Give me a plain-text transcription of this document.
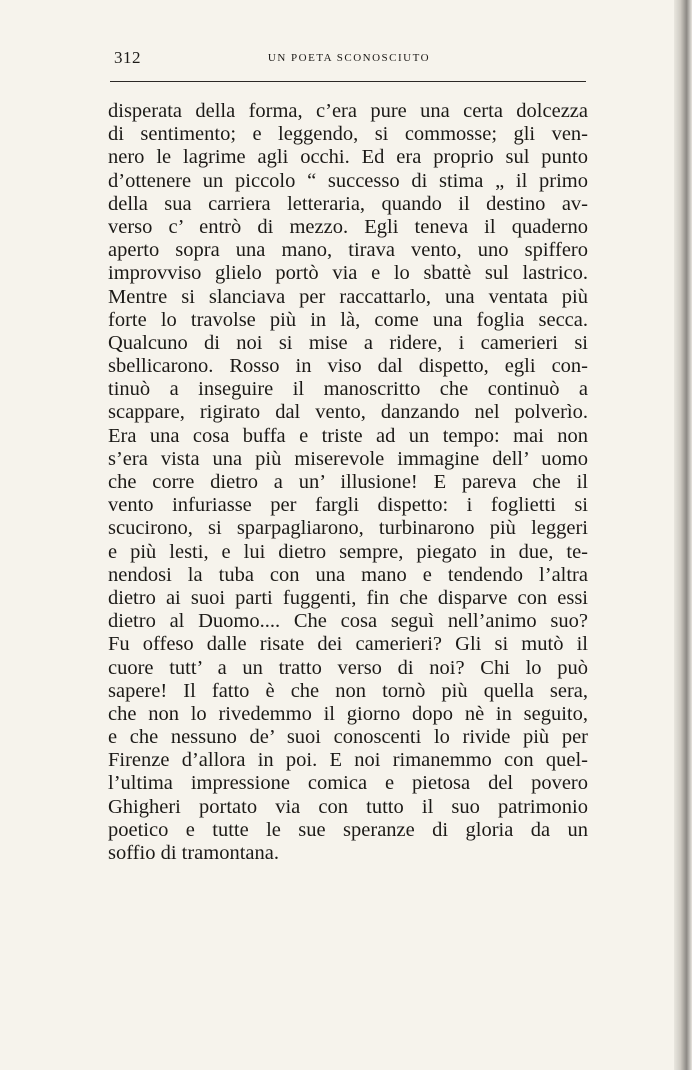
312	UN POETA SCONOSCIUTO
disperata della forma, c’era pure una certa dolcezza
di sentimento; e leggendo, si commosse; gli ven-
nero le lagrime agli occhi. Ed era proprio sul punto
d’ottenere un piccolo “ successo di stima „ il primo
della sua carriera letteraria, quando il destino av-
verso c’ entrò di mezzo. Egli teneva il quaderno
aperto sopra una mano, tirava vento, uno spiffero
improvviso glielo portò via e lo sbattè sul lastrico.
Mentre si slanciava per raccattarlo, una ventata più
forte lo travolse più in là, come una foglia secca.
Qualcuno di noi si mise a ridere, i camerieri si
sbellicarono. Rosso in viso dal dispetto, egli con-
tinuò a inseguire il manoscritto che continuò a
scappare, rigirato dal vento, danzando nel polverìo.
Era una cosa buffa e triste ad un tempo: mai non
s’era vista una più miserevole immagine dell’ uomo
che corre dietro a un’ illusione! E pareva che il
vento infuriasse per fargli dispetto: i foglietti si
scucirono, si sparpagliarono, turbinarono più leggeri
e più lesti, e lui dietro sempre, piegato in due, te-
nendosi la tuba con una mano e tendendo l’altra
dietro ai suoi parti fuggenti, fin che disparve con essi
dietro al Duomo.... Che cosa seguì nell’animo suo?
Fu offeso dalle risate dei camerieri? Gli si mutò il
cuore tutt’ a un tratto verso di noi? Chi lo può
sapere! Il fatto è che non tornò più quella sera,
che non lo rivedemmo il giorno dopo nè in seguito,
e che nessuno de’ suoi conoscenti lo rivide più per
Firenze d’allora in poi. E noi rimanemmo con quel-
l’ultima impressione comica e pietosa del povero
Ghigheri portato via con tutto il suo patrimonio
poetico e tutte le sue speranze di gloria da un
soffio di tramontana.
